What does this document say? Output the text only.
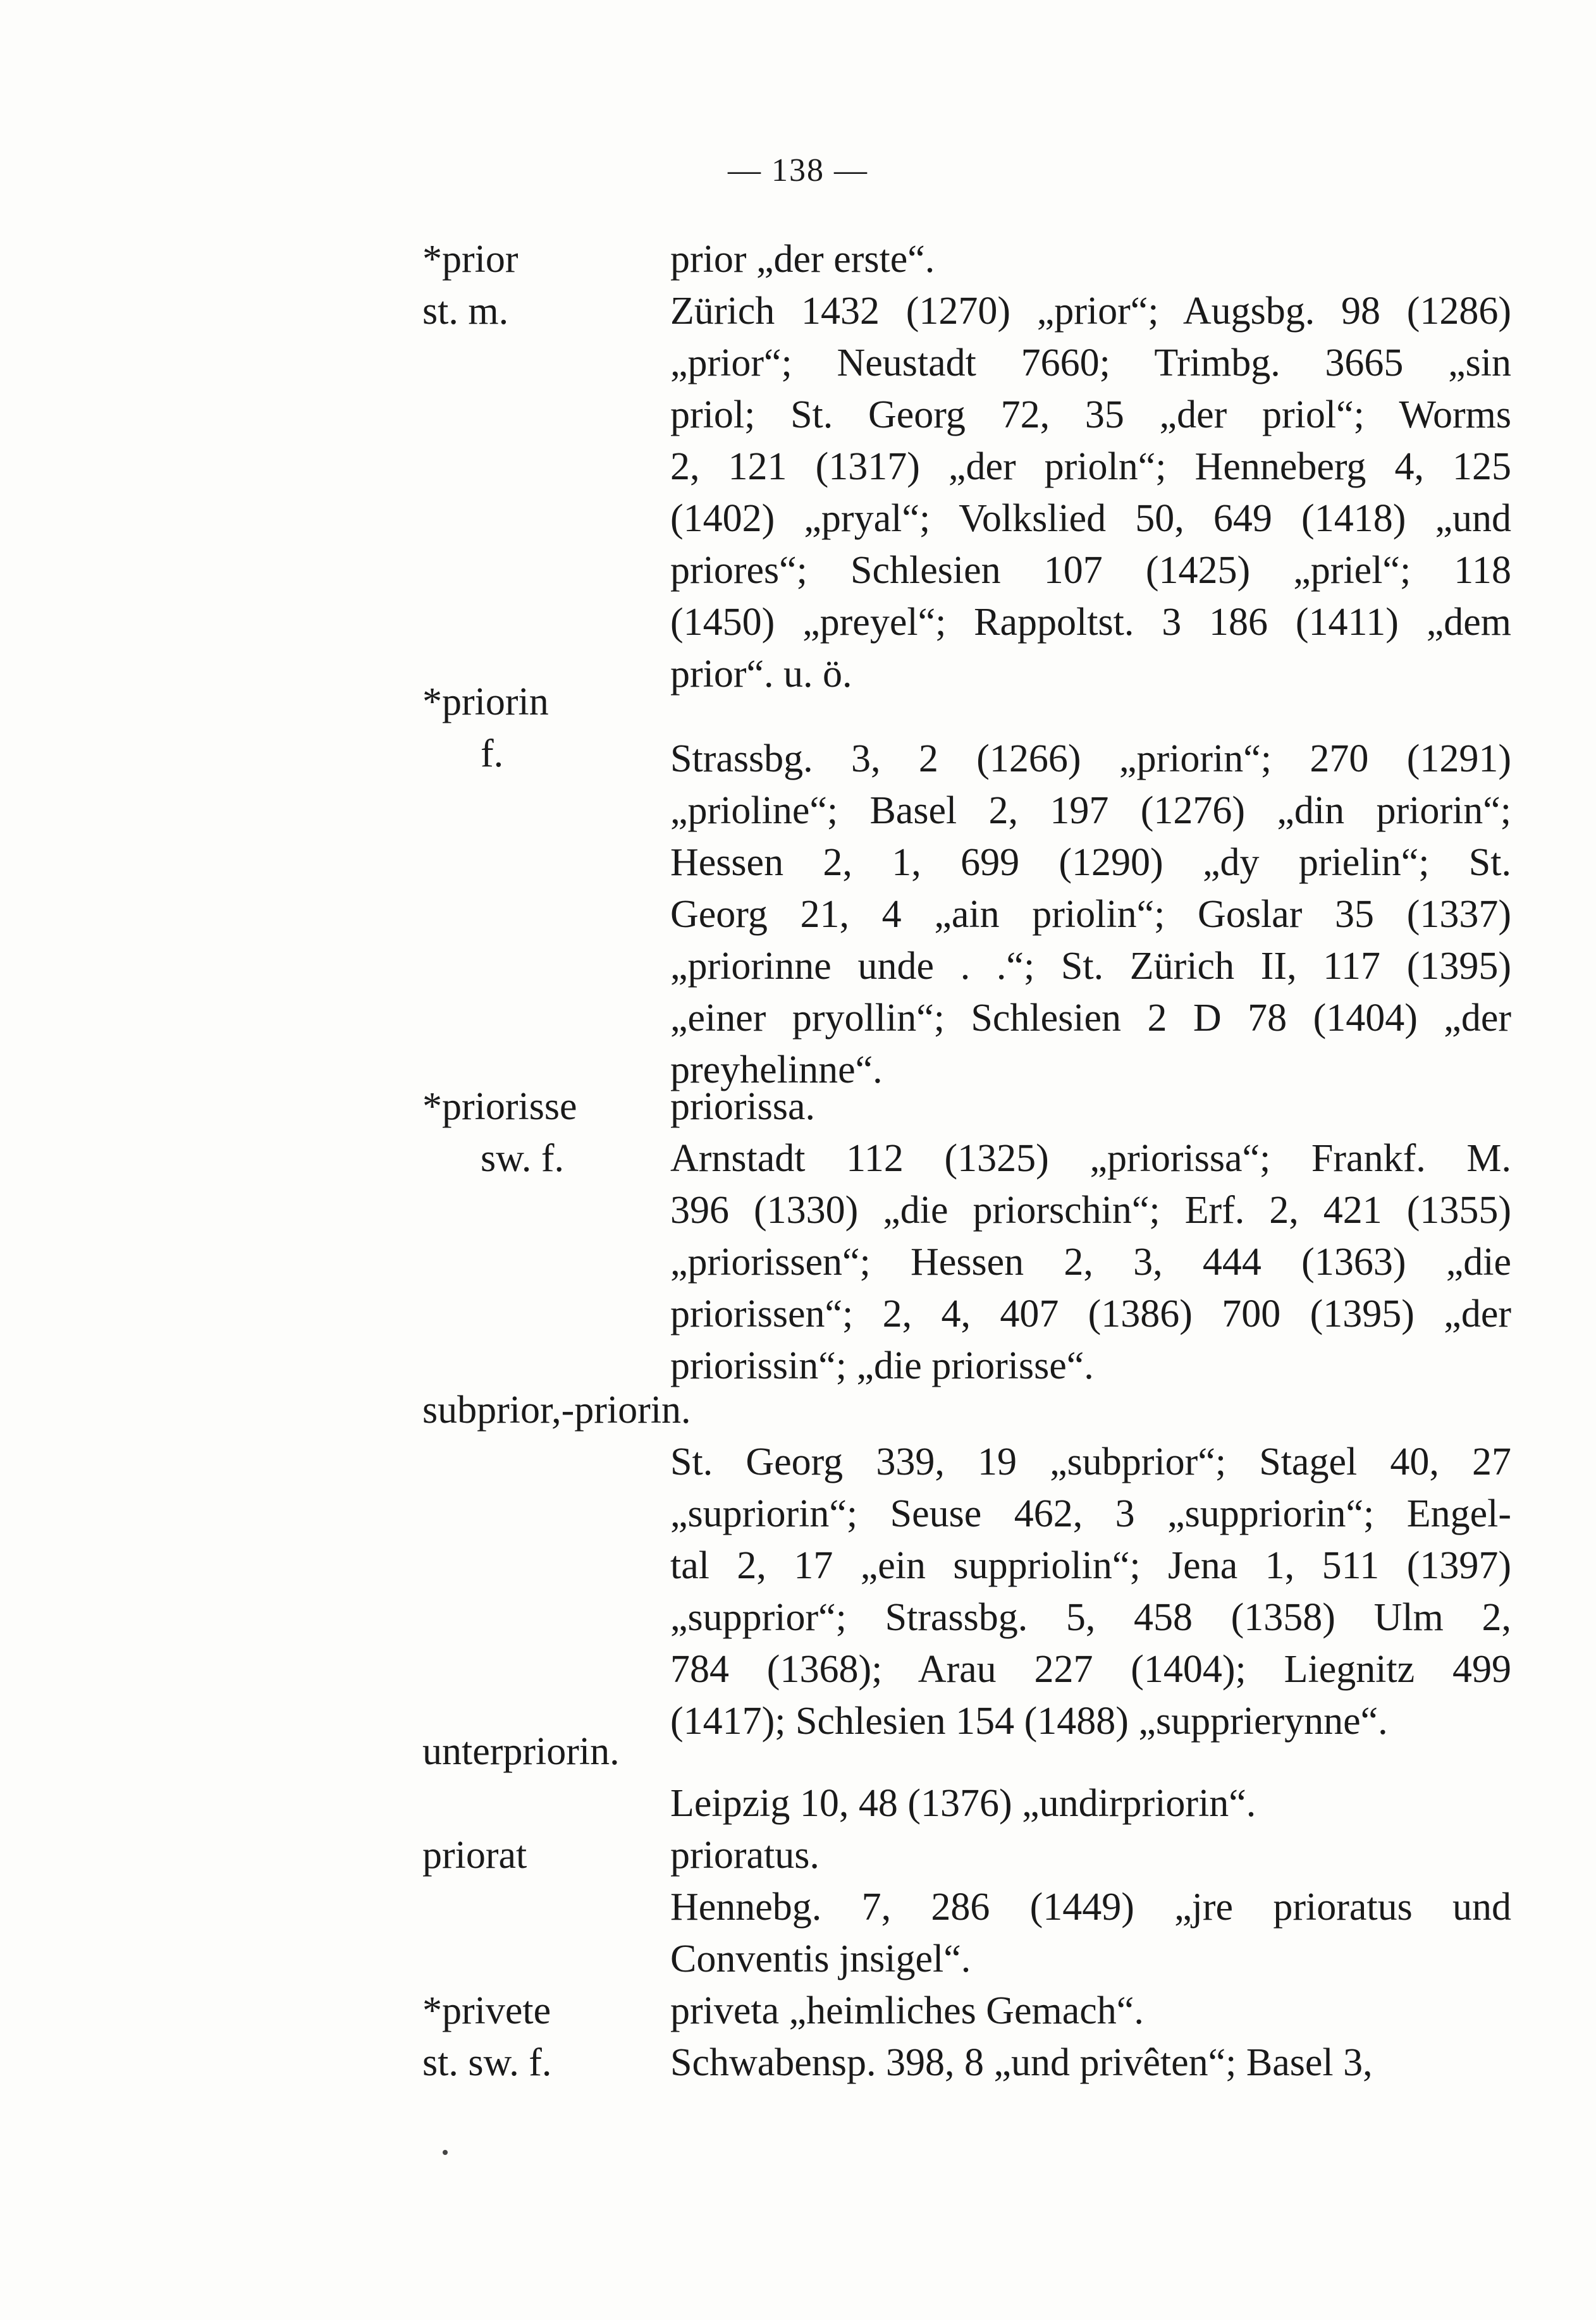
— 138 —
*prior
st. m.
prior „der erste“.
Zürich 1432 (1270) „prior“; Augsbg. 98 (1286)
„prior“; Neustadt 7660; Trimbg. 3665 „sin
priol; St. Georg 72, 35 „der priol“; Worms
2, 121 (1317) „der prioln“; Henneberg 4, 125
(1402) „pryal“; Volkslied 50, 649 (1418) „und
priores“; Schlesien 107 (1425) „priel“; 118
(1450) „preyel“; Rappoltst. 3 186 (1411) „dem
prior“. u. ö.
*priorin
f.	Strassbg. 3, 2 (1266) „priorin“; 270 (1291)
„prioline“; Basel 2, 197 (1276) „din priorin“;
Hessen 2, 1, 699 (1290) „dy prielin“; St.
Georg 21, 4 „ain priolin“; Goslar 35 (1337)
„priorinne unde . .“; St. Zürich II, 117 (1395)
„einer pryollin“; Schlesien 2 D 78 (1404) „der
preyhelinne“.
*priorisse
sw. f.
priorissa.
Arnstadt 112 (1325) „priorissa“; Frankf. M.
396 (1330) „die priorschin“; Erf. 2, 421 (1355)
„priorissen“; Hessen 2, 3, 444 (1363) „die
priorissen“; 2, 4, 407 (1386) 700 (1395) „der
priorissin“; „die priorisse“.
subprior,-priorin.
St. Georg 339, 19 „subprior“; Stagel 40, 27
„supriorin“; Seuse 462, 3 „suppriorin“; Engel-
tal 2, 17 „ein suppriolin“; Jena 1, 511 (1397)
„supprior“; Strassbg. 5, 458 (1358) Ulm 2,
784 (1368); Arau 227 (1404); Liegnitz 499
(1417); Schlesien 154 (1488) „supprierynne“.
unterpriorin.
Leipzig 10, 48 (1376) „undirpriorin“.
priorat	prioratus.
Hennebg. 7, 286 (1449) „jre prioratus und
Conventis jnsigel“.
*privete
st. sw. f.
priveta „heimliches Gemach“.
Schwabensp. 398, 8 „und privêten“; Basel 3,
